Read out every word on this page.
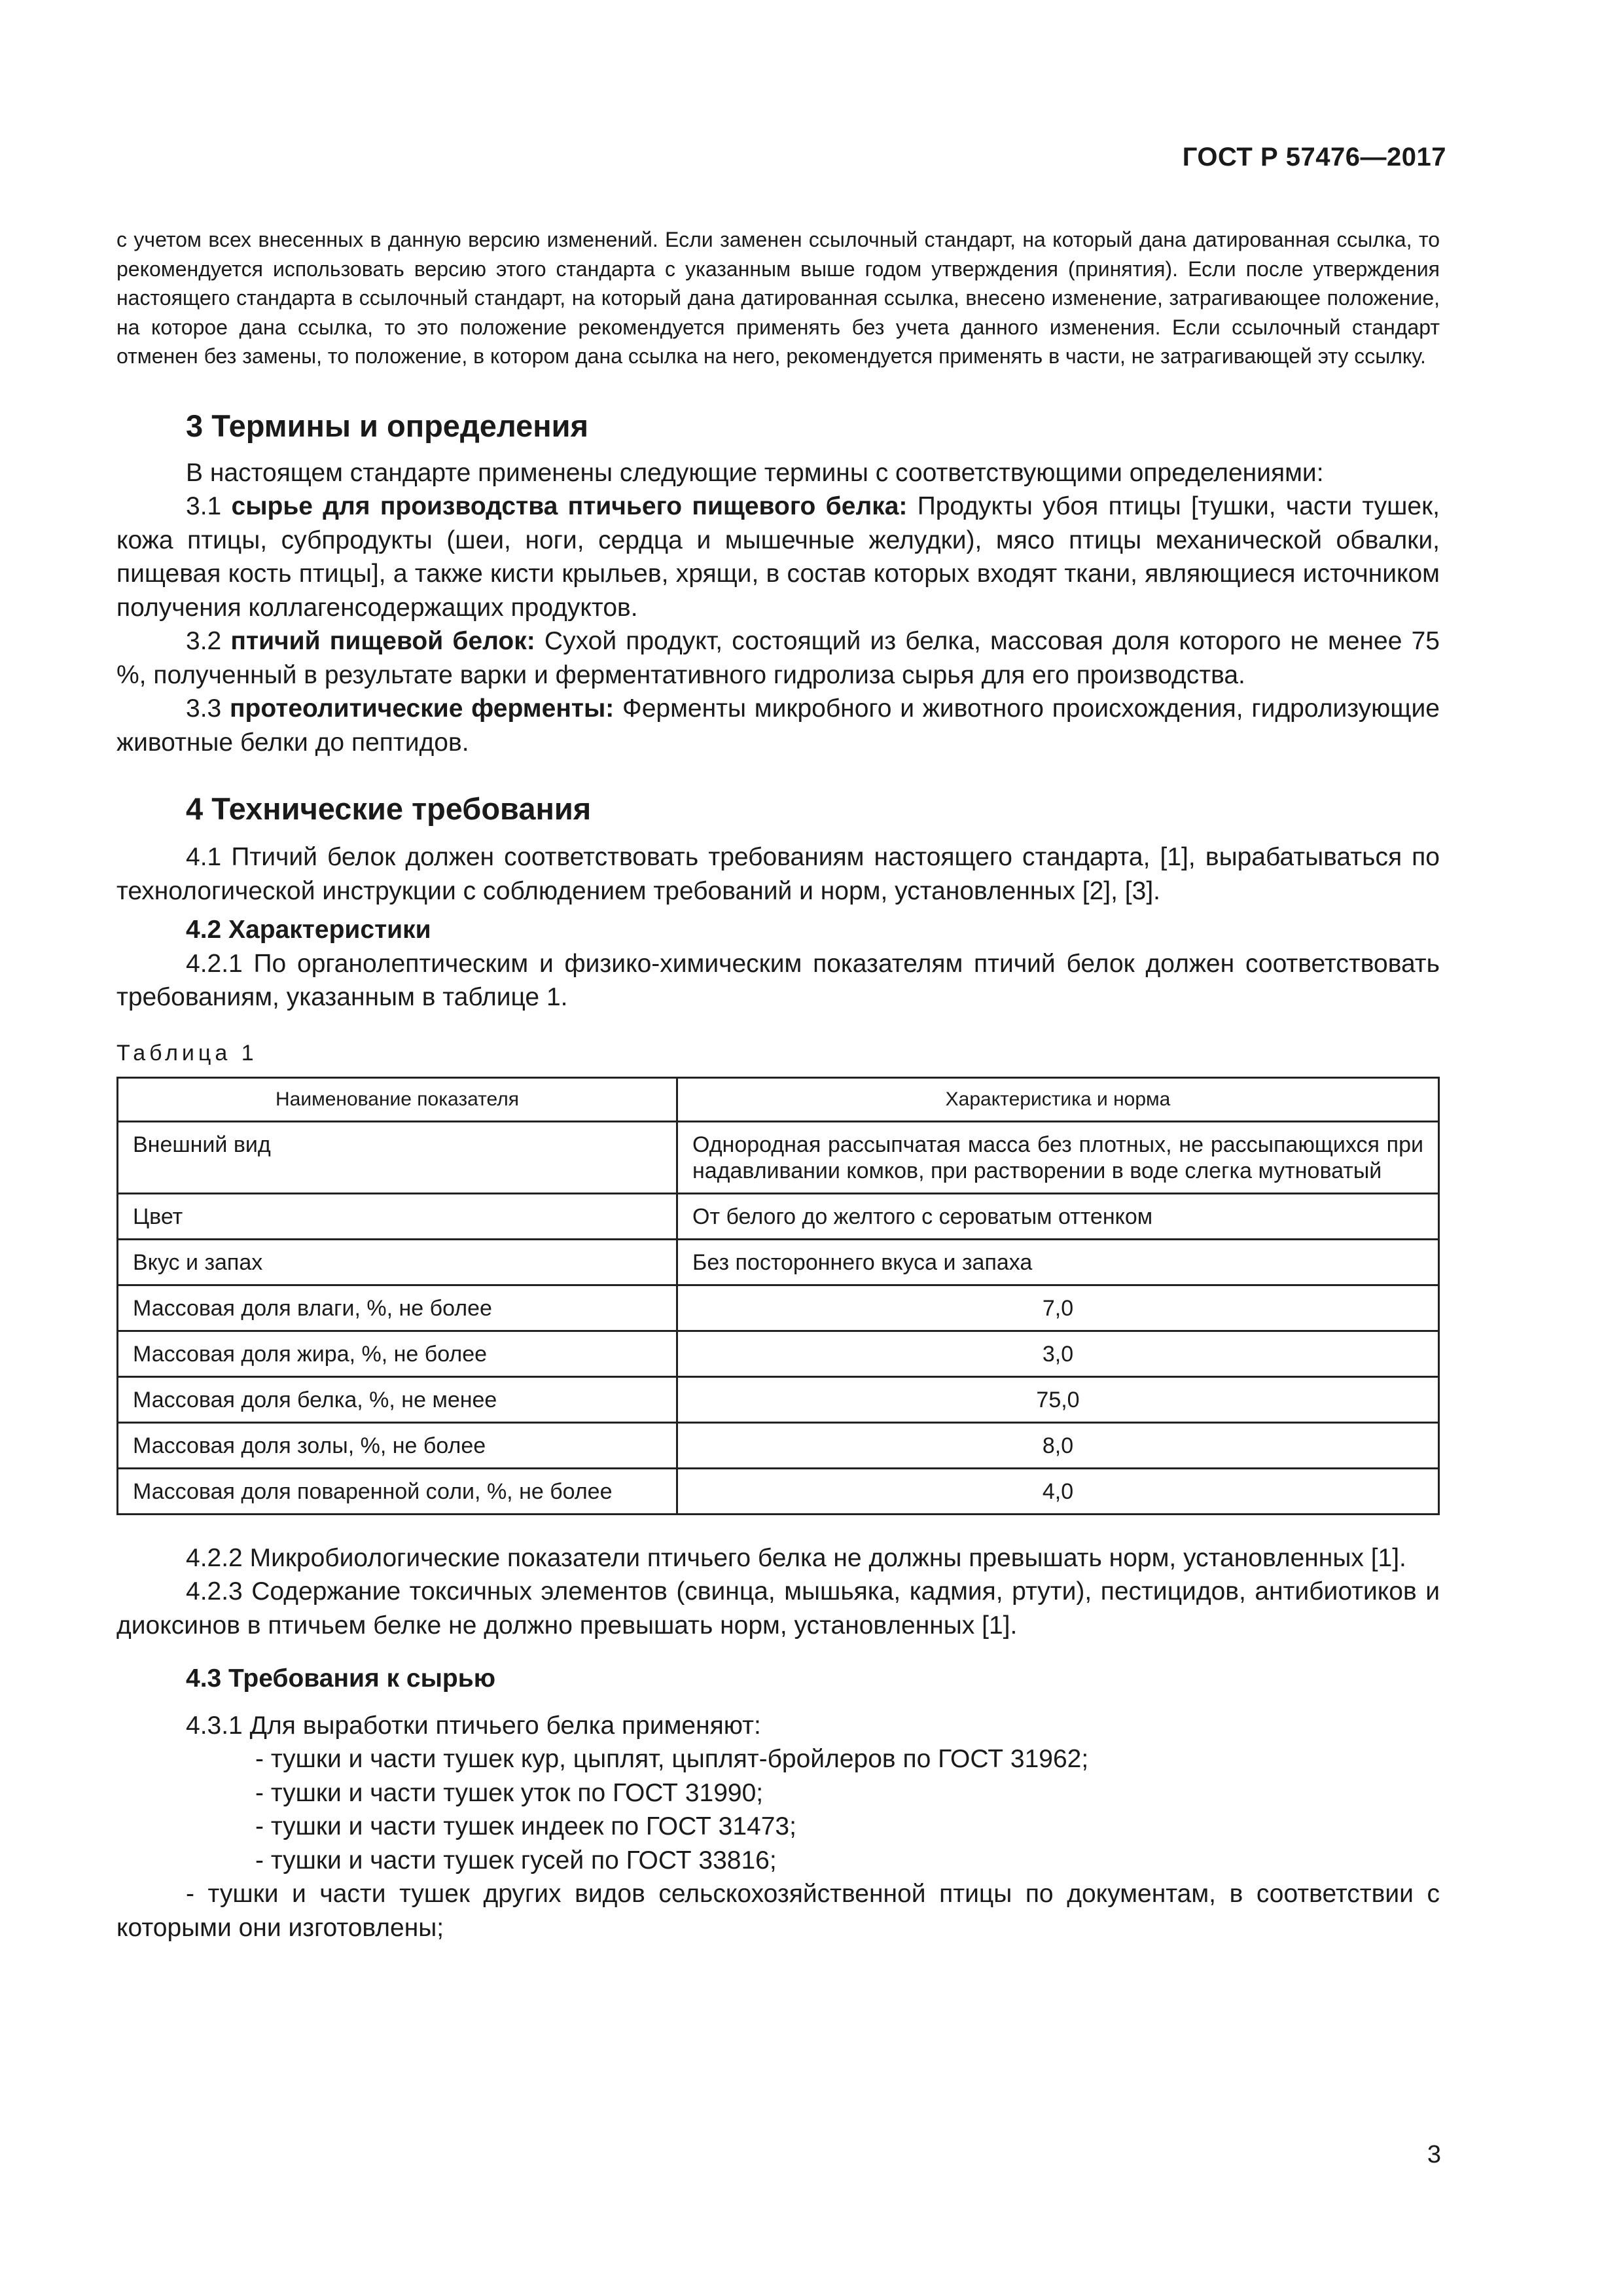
ГОСТ Р 57476—2017

с учетом всех внесенных в данную версию изменений. Если заменен ссылочный стандарт, на который дана датированная ссылка, то рекомендуется использовать версию этого стандарта с указанным выше годом утверждения (принятия). Если после утверждения настоящего стандарта в ссылочный стандарт, на который дана датированная ссылка, внесено изменение, затрагивающее положение, на которое дана ссылка, то это положение рекомендуется применять без учета данного изменения. Если ссылочный стандарт отменен без замены, то положение, в котором дана ссылка на него, рекомендуется применять в части, не затрагивающей эту ссылку.

3 Термины и определения

В настоящем стандарте применены следующие термины с соответствующими определениями:

3.1 сырье для производства птичьего пищевого белка: Продукты убоя птицы [тушки, части тушек, кожа птицы, субпродукты (шеи, ноги, сердца и мышечные желудки), мясо птицы механической обвалки, пищевая кость птицы], а также кисти крыльев, хрящи, в состав которых входят ткани, являющиеся источником получения коллагенсодержащих продуктов.

3.2 птичий пищевой белок: Сухой продукт, состоящий из белка, массовая доля которого не менее 75 %, полученный в результате варки и ферментативного гидролиза сырья для его производства.

3.3 протеолитические ферменты: Ферменты микробного и животного происхождения, гидролизующие животные белки до пептидов.

4 Технические требования

4.1 Птичий белок должен соответствовать требованиям настоящего стандарта, [1], вырабатываться по технологической инструкции с соблюдением требований и норм, установленных [2], [3].

4.2 Характеристики

4.2.1 По органолептическим и физико-химическим показателям птичий белок должен соответствовать требованиям, указанным в таблице 1.

Таблица 1

Наименование показателя	Характеристика и норма
Внешний вид	Однородная рассыпчатая масса без плотных, не рассыпающихся при надавливании комков, при растворении в воде слегка мутноватый
Цвет	От белого до желтого с сероватым оттенком
Вкус и запах	Без постороннего вкуса и запаха
Массовая доля влаги, %, не более	7,0
Массовая доля жира, %, не более	3,0
Массовая доля белка, %, не менее	75,0
Массовая доля золы, %, не более	8,0
Массовая доля поваренной соли, %, не более	4,0

4.2.2 Микробиологические показатели птичьего белка не должны превышать норм, установленных [1].

4.2.3 Содержание токсичных элементов (свинца, мышьяка, кадмия, ртути), пестицидов, антибиотиков и диоксинов в птичьем белке не должно превышать норм, установленных [1].

4.3 Требования к сырью

4.3.1 Для выработки птичьего белка применяют:

- тушки и части тушек кур, цыплят, цыплят-бройлеров по ГОСТ 31962;

- тушки и части тушек уток по ГОСТ 31990;

- тушки и части тушек индеек по ГОСТ 31473;

- тушки и части тушек гусей по ГОСТ 33816;

- тушки и части тушек других видов сельскохозяйственной птицы по документам, в соответствии с которыми они изготовлены;

3
